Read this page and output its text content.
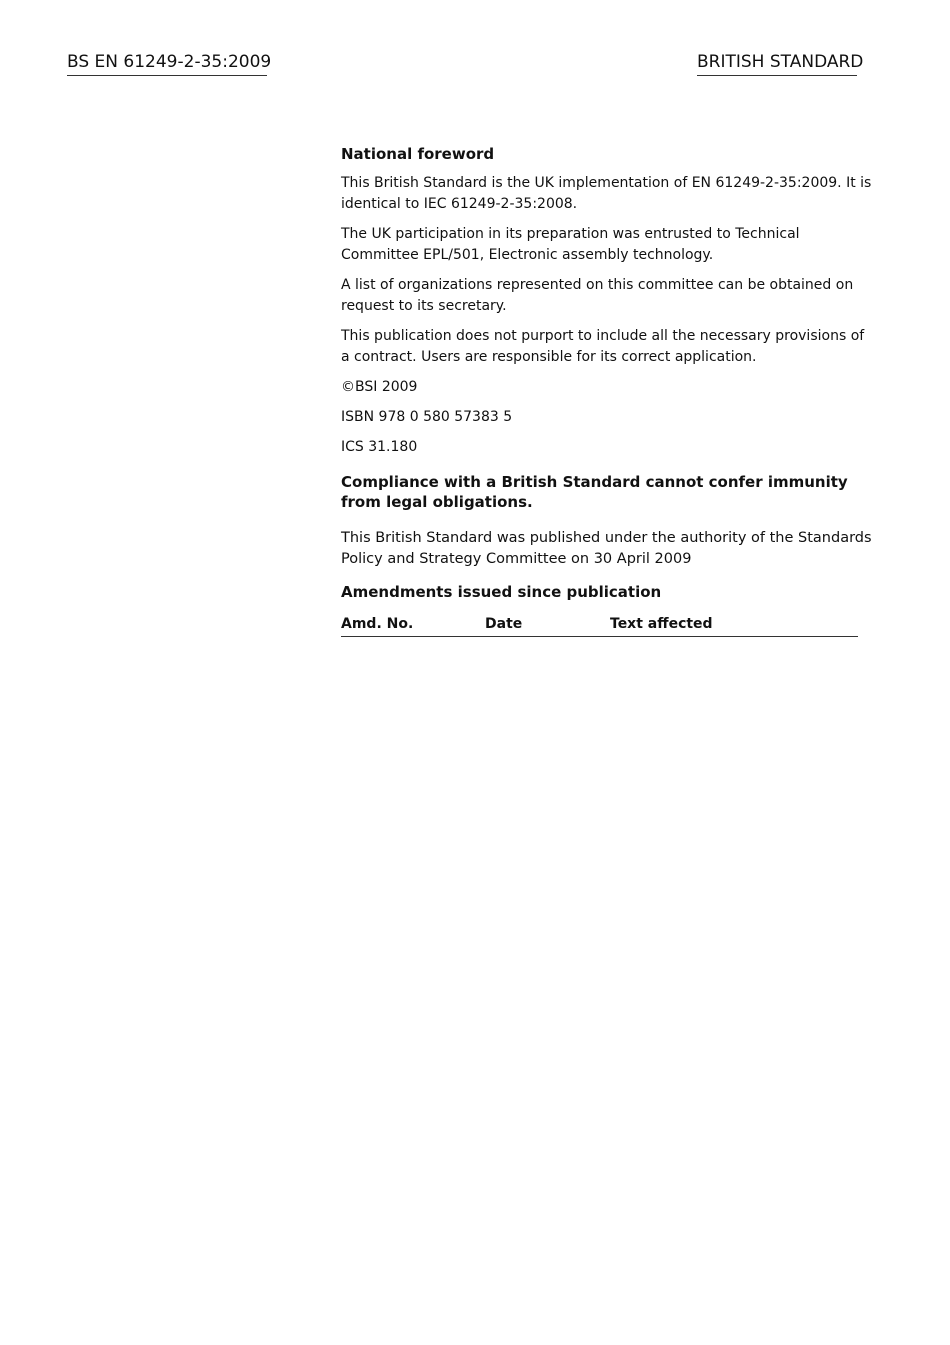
BS EN 61249-2-35:2009	BRITISH STANDARD
National foreword

This British Standard is the UK implementation of EN 61249-2-35:2009. It is identical to IEC 61249-2-35:2008.

The UK participation in its preparation was entrusted to Technical Committee EPL/501, Electronic assembly technology.

A list of organizations represented on this committee can be obtained on request to its secretary.

This publication does not purport to include all the necessary provisions of a contract. Users are responsible for its correct application.

©BSI 2009

ISBN 978 0 580 57383 5

ICS 31.180

Compliance with a British Standard cannot confer immunity from legal obligations.

This British Standard was published under the authority of the Standards Policy and Strategy Committee on 30 April 2009

Amendments issued since publication
Amd. No.	Date	Text affected
